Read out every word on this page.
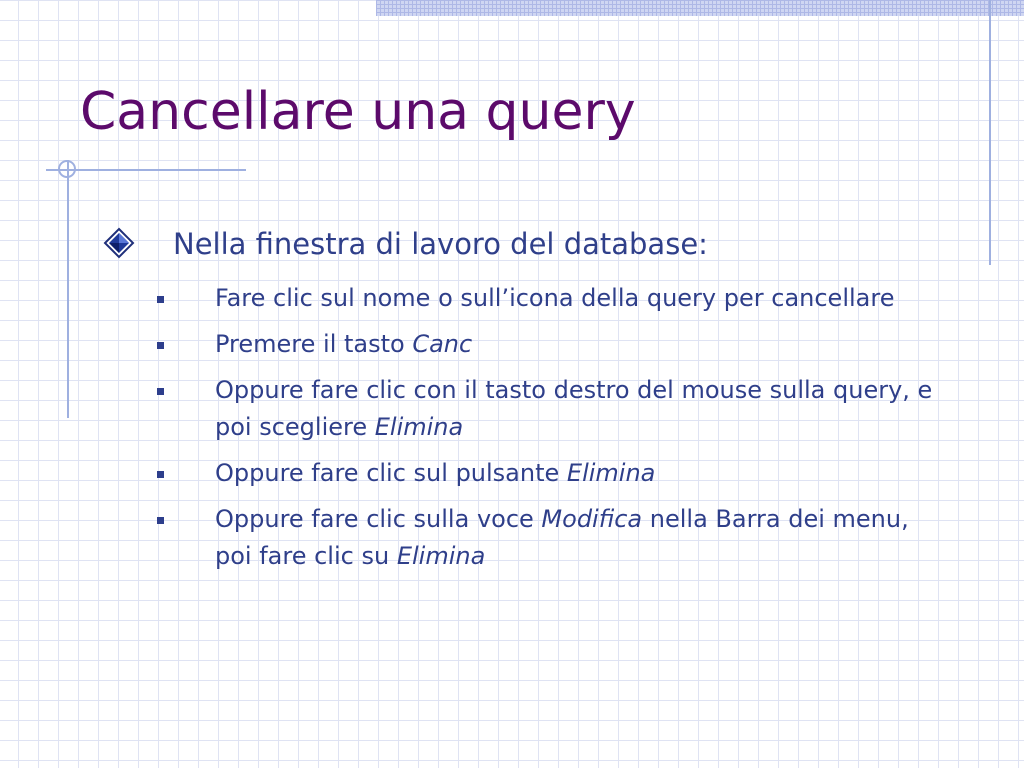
Cancellare una query
Nella finestra di lavoro del database:
Fare clic sul nome o sull’icona della query per cancellare
Premere il tasto Canc
Oppure fare clic con il tasto destro del mouse sulla query, e poi scegliere Elimina
Oppure fare clic sul pulsante Elimina
Oppure fare clic sulla voce Modifica nella Barra dei menu, poi fare clic su Elimina
